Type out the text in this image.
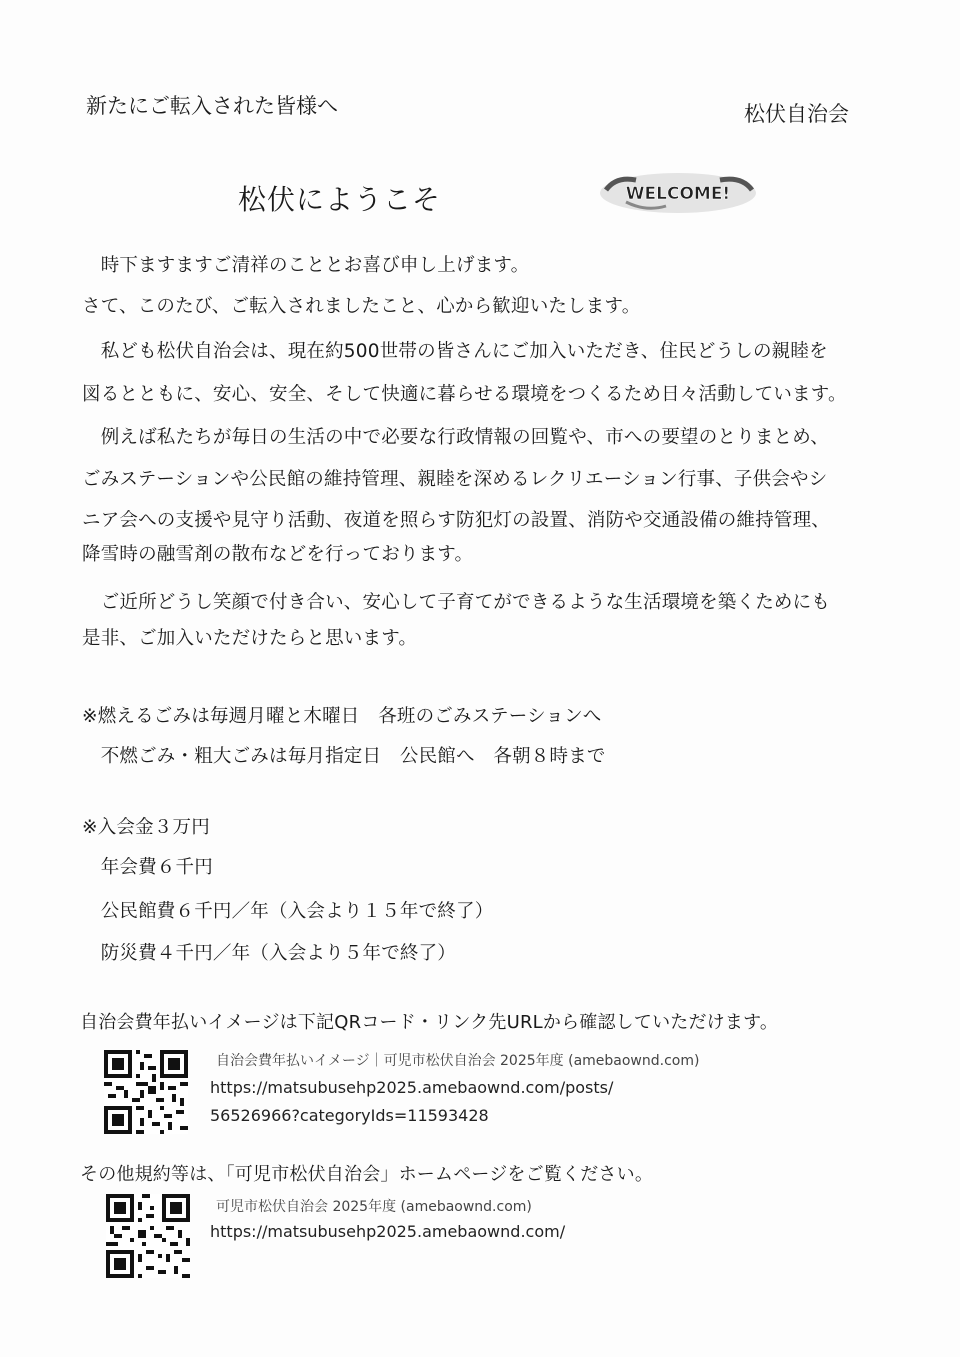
新たにご転入された皆様へ	松伏自治会
松伏にようこそ	WELCOME!
　時下ますますご清祥のこととお喜び申し上げます。
さて、このたび、ご転入されましたこと、心から歓迎いたします。
　私ども松伏自治会は、現在約500世帯の皆さんにご加入いただき、住民どうしの親睦を
図るとともに、安心、安全、そして快適に暮らせる環境をつくるため日々活動しています。
　例えば私たちが毎日の生活の中で必要な行政情報の回覧や、市への要望のとりまとめ、
ごみステーションや公民館の維持管理、親睦を深めるレクリエーション行事、子供会やシ
ニア会への支援や見守り活動、夜道を照らす防犯灯の設置、消防や交通設備の維持管理、
降雪時の融雪剤の散布などを行っております。
　ご近所どうし笑顔で付き合い、安心して子育てができるような生活環境を築くためにも
是非、ご加入いただけたらと思います。
※燃えるごみは毎週月曜と木曜日　各班のごみステーションへ
　不燃ごみ・粗大ごみは毎月指定日　公民館へ　各朝８時まで
※入会金３万円
　年会費６千円
　公民館費６千円／年（入会より１５年で終了）
　防災費４千円／年（入会より５年で終了）
自治会費年払いイメージは下記QRコード・リンク先URLから確認していただけます。
自治会費年払いイメージ｜可児市松伏自治会 2025年度 (amebaownd.com)
https://matsubusehp2025.amebaownd.com/posts/
56526966?categoryIds=11593428
その他規約等は、「可児市松伏自治会」ホームページをご覧ください。
可児市松伏自治会 2025年度 (amebaownd.com)
https://matsubusehp2025.amebaownd.com/
